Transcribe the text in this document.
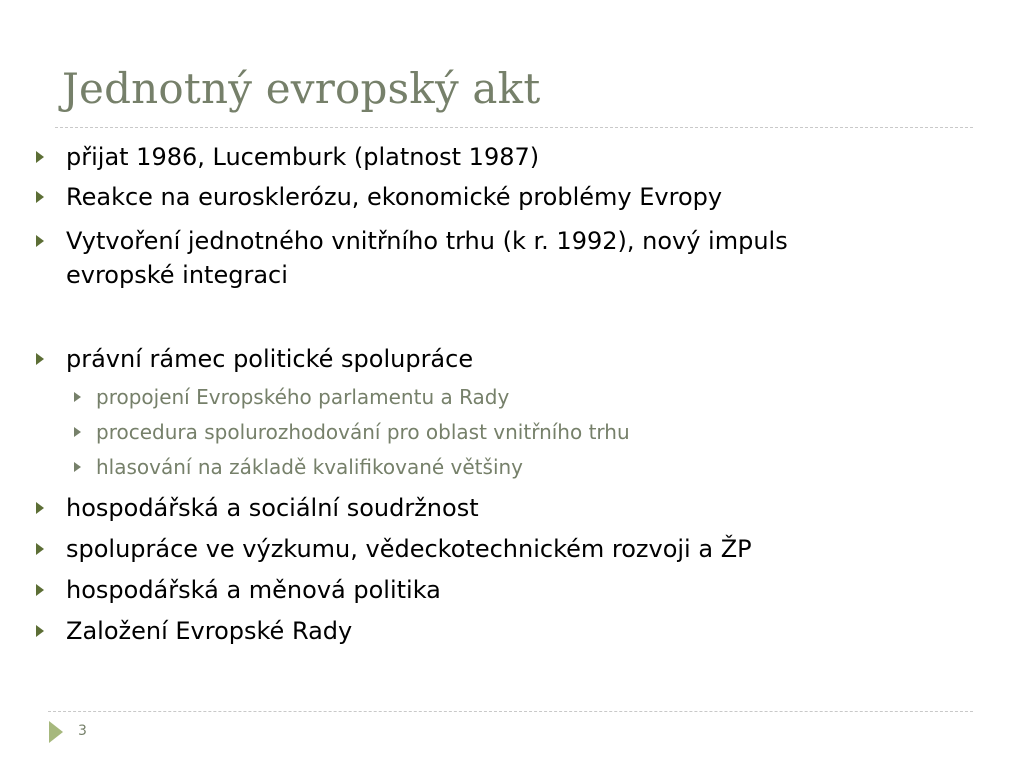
Jednotný evropský akt
přijat 1986, Lucemburk (platnost 1987)
Reakce na eurosklerózu, ekonomické problémy Evropy
Vytvoření jednotného vnitřního trhu (k r. 1992), nový impuls
evropské integraci
právní rámec politické spolupráce
propojení Evropského parlamentu a Rady
procedura spolurozhodování pro oblast vnitřního trhu
hlasování na základě kvalifikované většiny
hospodářská a sociální soudržnost
spolupráce ve výzkumu, vědeckotechnickém rozvoji a ŽP
hospodářská a měnová politika
Založení Evropské Rady
3
